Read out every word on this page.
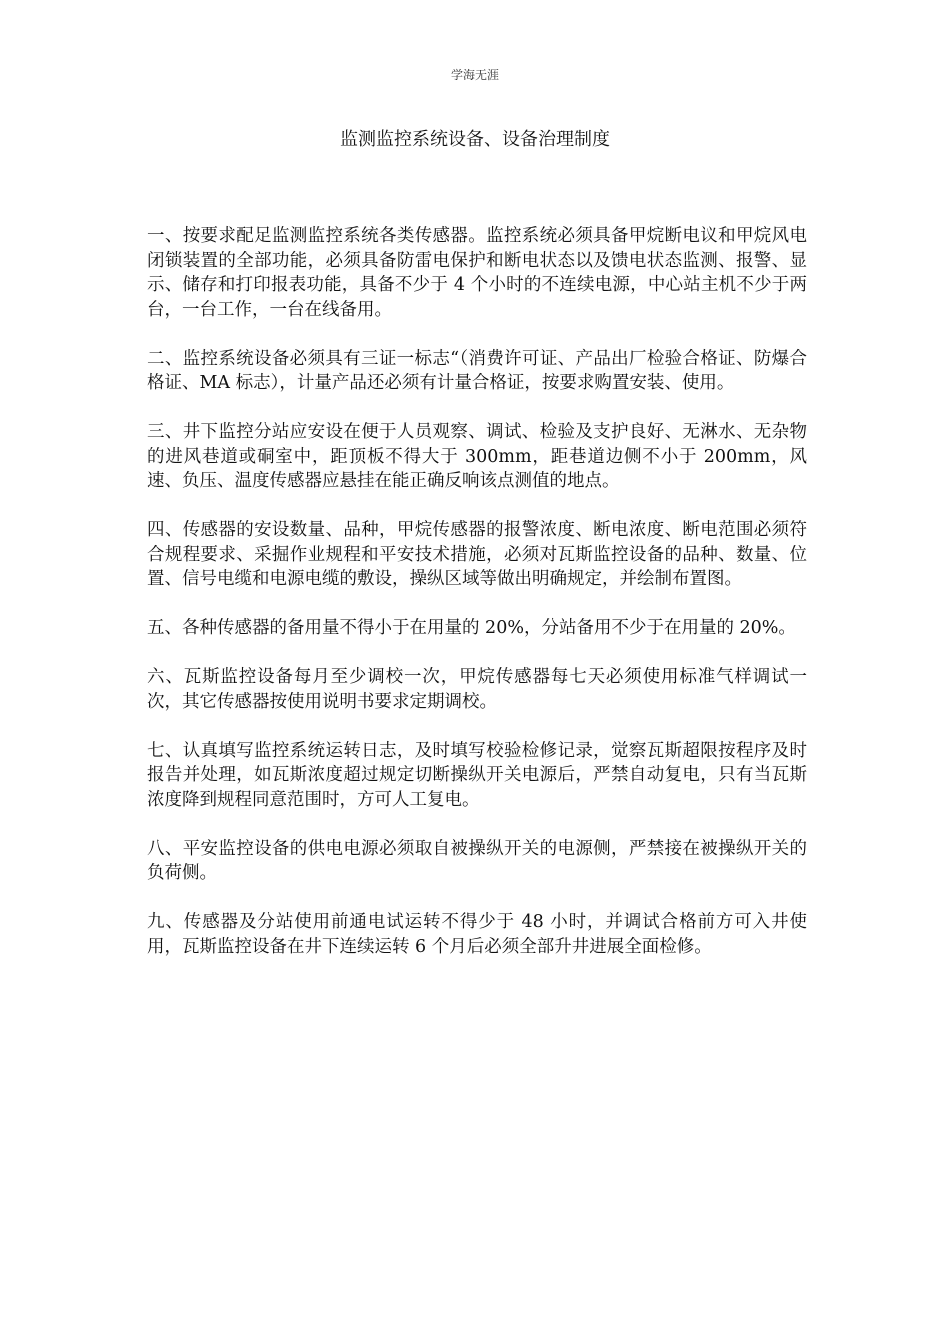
学海无涯
监测监控系统设备、设备治理制度

一、按要求配足监测监控系统各类传感器。监控系统必须具备甲烷断电议和甲烷风电闭锁装置的全部功能，必须具备防雷电保护和断电状态以及馈电状态监测、报警、显示、储存和打印报表功能，具备不少于 4 个小时的不连续电源，中心站主机不少于两台，一台工作，一台在线备用。

二、监控系统设备必须具有三证一标志“（消费许可证、产品出厂检验合格证、防爆合格证、MA 标志），计量产品还必须有计量合格证，按要求购置安装、使用。

三、井下监控分站应安设在便于人员观察、调试、检验及支护良好、无淋水、无杂物的进风巷道或硐室中，距顶板不得大于 300mm，距巷道边侧不小于 200mm，风速、负压、温度传感器应悬挂在能正确反响该点测值的地点。

四、传感器的安设数量、品种，甲烷传感器的报警浓度、断电浓度、断电范围必须符合规程要求、采掘作业规程和平安技术措施，必须对瓦斯监控设备的品种、数量、位置、信号电缆和电源电缆的敷设，操纵区域等做出明确规定，并绘制布置图。

五、各种传感器的备用量不得小于在用量的 20%，分站备用不少于在用量的 20%。

六、瓦斯监控设备每月至少调校一次，甲烷传感器每七天必须使用标准气样调试一次，其它传感器按使用说明书要求定期调校。

七、认真填写监控系统运转日志，及时填写校验检修记录，觉察瓦斯超限按程序及时报告并处理，如瓦斯浓度超过规定切断操纵开关电源后，严禁自动复电，只有当瓦斯浓度降到规程同意范围时，方可人工复电。

八、平安监控设备的供电电源必须取自被操纵开关的电源侧，严禁接在被操纵开关的负荷侧。

九、传感器及分站使用前通电试运转不得少于 48 小时，并调试合格前方可入井使用，瓦斯监控设备在井下连续运转 6 个月后必须全部升井进展全面检修。
